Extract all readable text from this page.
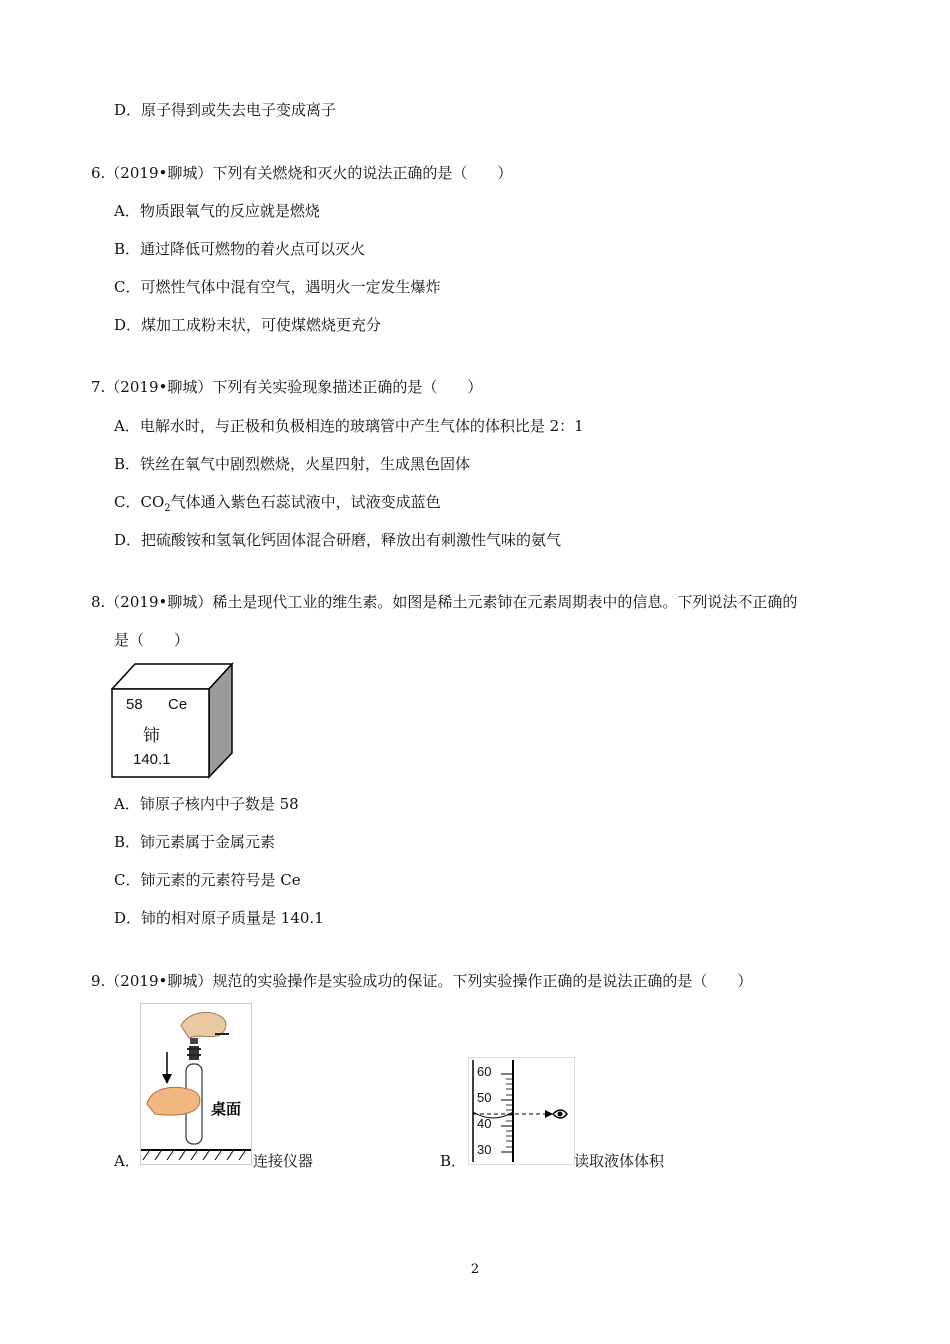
D．原子得到或失去电子变成离子
6.（2019•聊城）下列有关燃烧和灭火的说法正确的是（　　）
A．物质跟氧气的反应就是燃烧
B．通过降低可燃物的着火点可以灭火
C．可燃性气体中混有空气，遇明火一定发生爆炸
D．煤加工成粉末状，可使煤燃烧更充分
7.（2019•聊城）下列有关实验现象描述正确的是（　　）
A．电解水时，与正极和负极相连的玻璃管中产生气体的体积比是 2：1
B．铁丝在氧气中剧烈燃烧，火星四射，生成黑色固体
C．$CO_2$气体通入紫色石蕊试液中，试液变成蓝色
D．把硫酸铵和氢氧化钙固体混合研磨，释放出有刺激性气味的氨气
8.（2019•聊城）稀土是现代工业的维生素。如图是稀土元素铈在元素周期表中的信息。下列说法不正确的
是（　　）
58 Ce
铈
140.1
A．铈原子核内中子数是 58
B．铈元素属于金属元素
C．铈元素的元素符号是 Ce
D．铈的相对原子质量是 140.1
9.（2019•聊城）规范的实验操作是实验成功的保证。下列实验操作正确的是说法正确的是（　　）
A．
桌面
连接仪器	B．
60
50
40
30
读取液体体积
2
